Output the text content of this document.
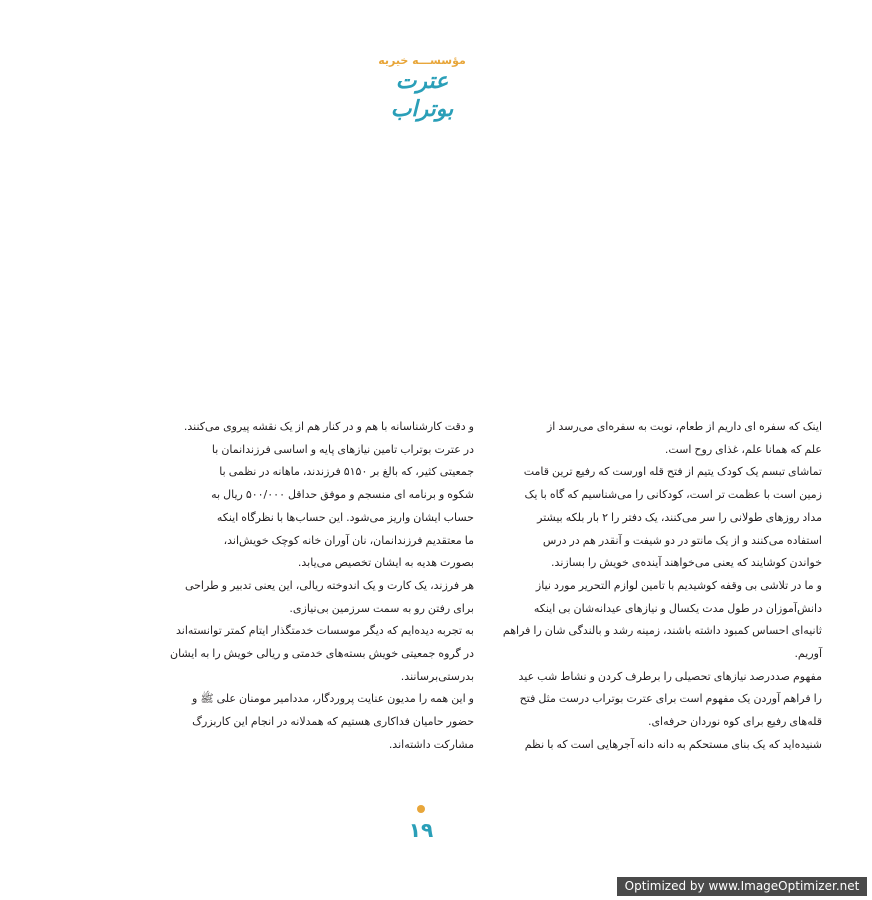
مؤسســـه خیریه
عترت بوتراب

اینک که سفره ای داریم از طعام، نوبت به سفره‌ای می‌رسد از

علم که همانا علم، غذای روح است.

تماشای تبسم یک کودک یتیم از فتح قله اورست که رفیع ترین قامت

زمین است با عظمت تر است، کودکانی را می‌شناسیم که گاه با یک

مداد روزهای طولانی را سر می‌کنند، یک دفتر را ۲ بار بلکه بیشتر

استفاده می‌کنند و از یک مانتو در دو شیفت و آنقدر هم در درس

خواندن کوشایند که یعنی می‌خواهند آینده‌ی خویش را بسازند.

و ما در تلاشی بی وقفه کوشیدیم با تامین لوازم التحریر مورد نیاز

دانش‌آموزان در طول مدت یکسال و نیازهای عیدانه‌شان بی اینکه

ثانیه‌ای احساس کمبود داشته باشند، زمینه رشد و بالندگی شان را فراهم

آوریم.

مفهوم صددرصد نیازهای تحصیلی را برطرف کردن و نشاط شب عید

را فراهم آوردن یک مفهوم است برای عترت بوتراب درست مثل فتح

قله‌های رفیع برای کوه نوردان حرفه‌ای.

شنیده‌اید که یک بنای مستحکم به دانه دانه آجرهایی است که با نظم

و دقت کارشناسانه با هم و در کنار هم از یک نقشه پیروی می‌کنند.

در عترت بوتراب تامین نیازهای پایه و اساسی فرزندانمان با

جمعیتی کثیر، که بالغ بر ۵۱۵۰ فرزندند، ماهانه در نظمی با

شکوه و برنامه ای منسجم و موفق حداقل ۵۰۰/۰۰۰ ریال به

حساب ایشان واریز می‌شود. این حساب‌ها با نظرگاه اینکه

ما معتقدیم فرزندانمان، نان آوران خانه کوچک خویش‌اند،

بصورت هدیه به ایشان تخصیص می‌یابد.

هر فرزند، یک کارت و یک اندوخته ریالی، این یعنی تدبیر و طراحی

برای رفتن رو به سمت سرزمین بی‌نیازی.

به تجربه دیده‌ایم که دیگر موسسات خدمتگذار ایتام کمتر توانسته‌اند

در گروه جمعیتی خویش بسته‌های خدمتی و ریالی خویش را به ایشان

بدرستی‌برسانند.

و این همه را مدیون عنایت پروردگار، مددامیر مومنان علی ﷺ و

حضور حامیان فداکاری هستیم که همدلانه در انجام این کاربزرگ

مشارکت داشته‌اند.

۱۹
Optimized by www.ImageOptimizer.net
